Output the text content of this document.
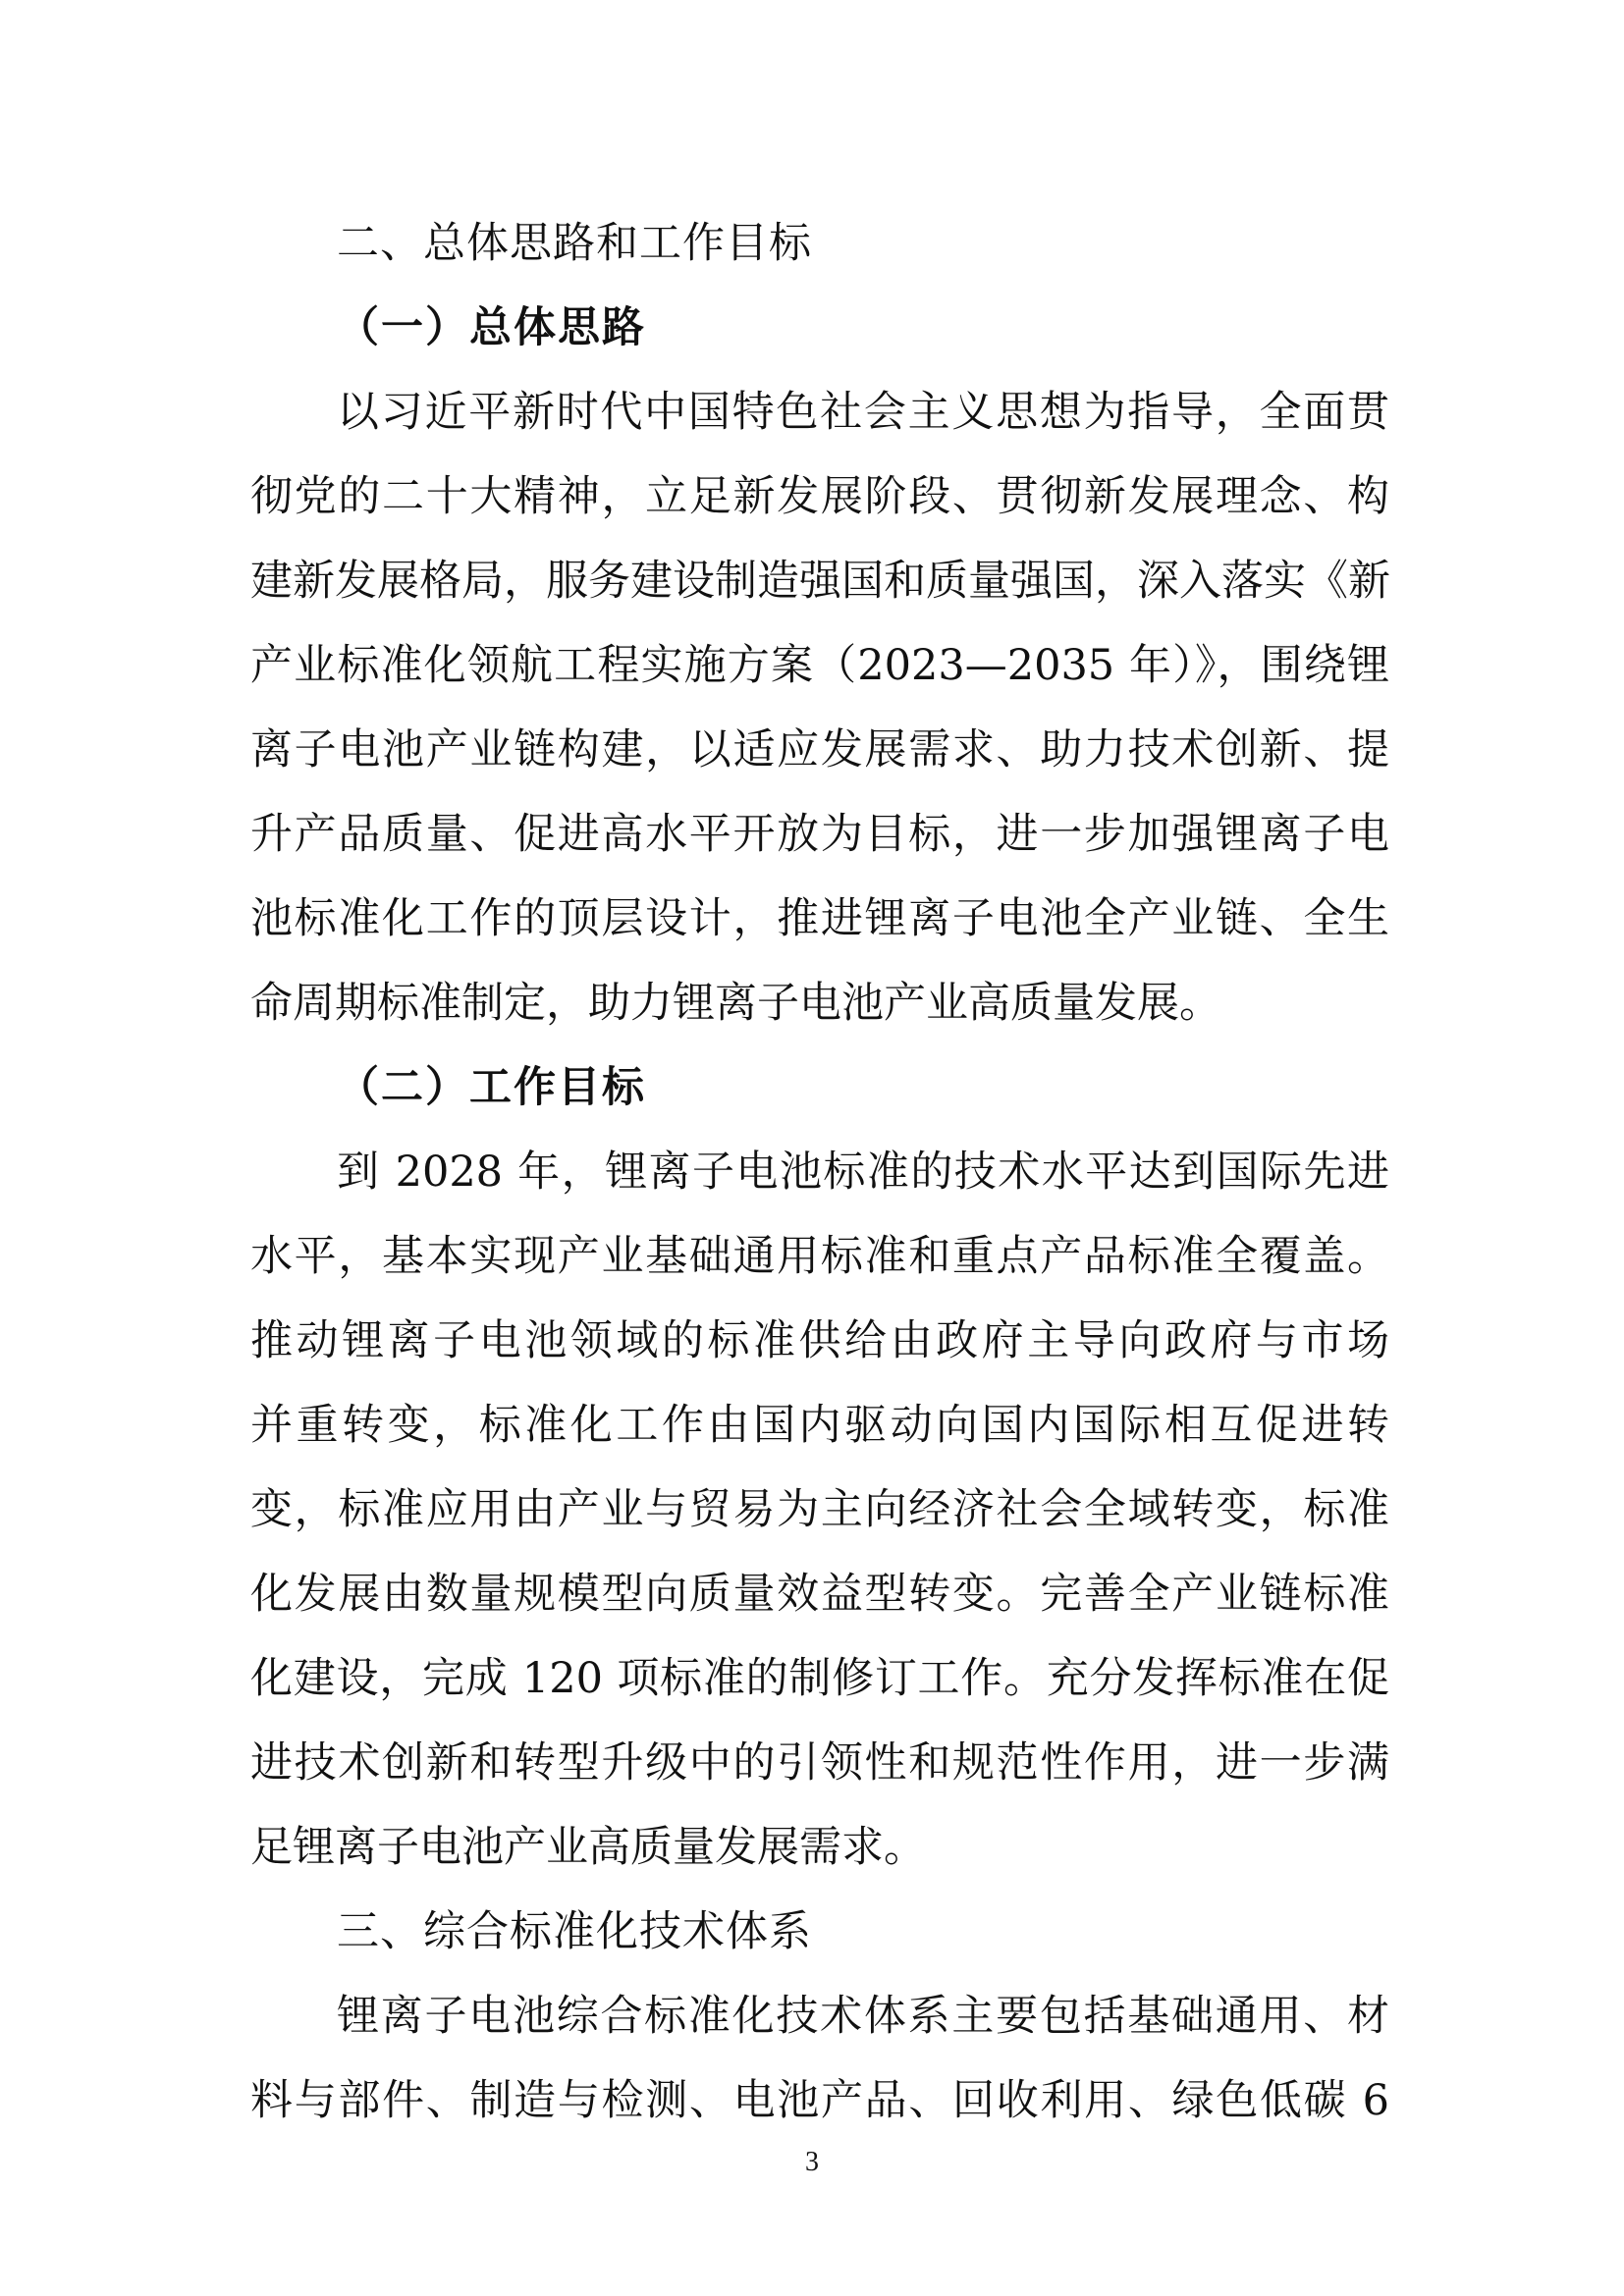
二、总体思路和工作目标
（一）总体思路
以习近平新时代中国特色社会主义思想为指导，全面贯
彻党的二十大精神，立足新发展阶段、贯彻新发展理念、构
建新发展格局，服务建设制造强国和质量强国，深入落实《新
产业标准化领航工程实施方案（2023—2035 年）》，围绕锂
离子电池产业链构建，以适应发展需求、助力技术创新、提
升产品质量、促进高水平开放为目标，进一步加强锂离子电
池标准化工作的顶层设计，推进锂离子电池全产业链、全生
命周期标准制定，助力锂离子电池产业高质量发展。
（二）工作目标
到 2028 年，锂离子电池标准的技术水平达到国际先进
水平，基本实现产业基础通用标准和重点产品标准全覆盖。
推动锂离子电池领域的标准供给由政府主导向政府与市场
并重转变，标准化工作由国内驱动向国内国际相互促进转
变，标准应用由产业与贸易为主向经济社会全域转变，标准
化发展由数量规模型向质量效益型转变。完善全产业链标准
化建设，完成 120 项标准的制修订工作。充分发挥标准在促
进技术创新和转型升级中的引领性和规范性作用，进一步满
足锂离子电池产业高质量发展需求。
三、综合标准化技术体系
锂离子电池综合标准化技术体系主要包括基础通用、材
料与部件、制造与检测、电池产品、回收利用、绿色低碳 6
3
